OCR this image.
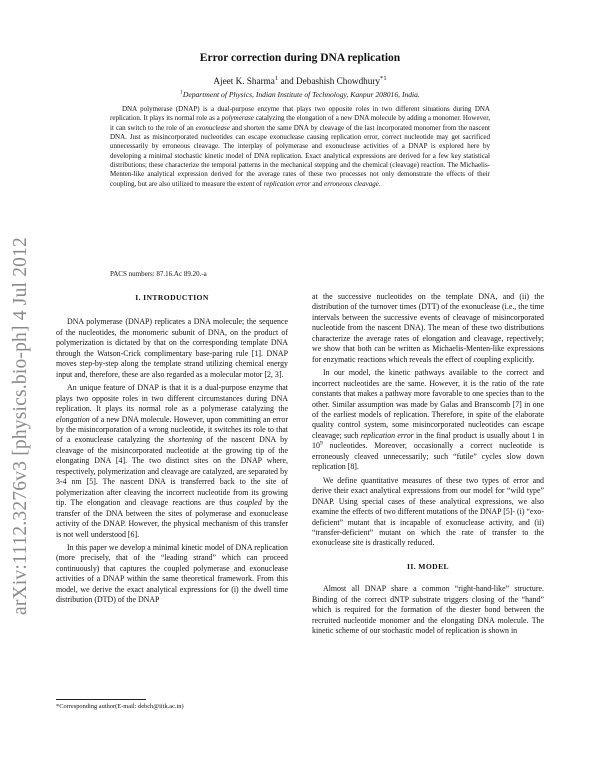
arXiv:1112.3276v3 [physics.bio-ph] 4 Jul 2012
Error correction during DNA replication
Ajeet K. Sharma$^1$ and Debashish Chowdhury$^{*1}$
$^1$Department of Physics, Indian Institute of Technology, Kanpur 208016, India.

DNA polymerase (DNAP) is a dual-purpose enzyme that plays two opposite roles in two different situations during DNA replication. It plays its normal role as a polymerase catalyzing the elongation of a new DNA molecule by adding a monomer. However, it can switch to the role of an exonuclease and shorten the same DNA by cleavage of the last incorporated monomer from the nascent DNA. Just as misincorporated nucleotides can escape exonuclease causing replication error, correct nucleotide may get sacrificed unnecessarily by erroneous cleavage. The interplay of polymerase and exonuclease activities of a DNAP is explored here by developing a minimal stochastic kinetic model of DNA replication. Exact analytical expressions are derived for a few key statistical distributions; these characterize the temporal patterns in the mechanical stepping and the chemical (cleavage) reaction. The Michaelis-Menten-like analytical expression derived for the average rates of these two processes not only demonstrate the effects of their coupling, but are also utilized to measure the extent of replication error and erroneous cleavage.

PACS numbers: 87.16.Ac 89.20.-a
I. INTRODUCTION

DNA polymerase (DNAP) replicates a DNA molecule; the sequence of the nucleotides, the monomeric subunit of DNA, on the product of polymerization is dictated by that on the corresponding template DNA through the Watson-Crick complimentary base-paring rule [1]. DNAP moves step-by-step along the template strand utilizing chemical energy input and, therefore, these are also regarded as a molecular motor [2, 3].

An unique feature of DNAP is that it is a dual-purpose enzyme that plays two opposite roles in two different circumstances during DNA replication. It plays its normal role as a polymerase catalyzing the elongation of a new DNA molecule. However, upon committing an error by the misincorporation of a wrong nucleotide, it switches its role to that of a exonuclease catalyzing the shortening of the nascent DNA by cleavage of the misincorporated nucleotide at the growing tip of the elongating DNA [4]. The two distinct sites on the DNAP where, respectively, polymerization and cleavage are catalyzed, are separated by 3-4 nm [5]. The nascent DNA is transferred back to the site of polymerization after cleaving the incorrect nucleotide from its growing tip. The elongation and cleavage reactions are thus coupled by the transfer of the DNA between the sites of polymerase and exonuclease activity of the DNAP. However, the physical mechanism of this transfer is not well understood [6].

In this paper we develop a minimal kinetic model of DNA replication (more precisely, that of the “leading strand” which can proceed continuously) that captures the coupled polymerase and exonuclease activities of a DNAP within the same theoretical framework. From this model, we derive the exact analytical expressions for (i) the dwell time distribution (DTD) of the DNAP

at the successive nucleotides on the template DNA, and (ii) the distribution of the turnover times (DTT) of the exonuclease (i.e., the time intervals between the successive events of cleavage of misincorporated nucleotide from the nascent DNA). The mean of these two distributions characterize the average rates of elongation and cleavage, repectively; we show that both can be written as Michaelis-Menten-like expressions for enzymatic reactions which reveals the effect of coupling explicitly.

In our model, the kinetic pathways available to the correct and incorrect nucleotides are the same. However, it is the ratio of the rate constants that makes a pathway more favorable to one species than to the other. Similar assumption was made by Galas and Branscomb [7] in one of the earliest models of replication. Therefore, in spite of the elaborate quality control system, some misincorporated nucleotides can escape cleavage; such replication error in the final product is usually about 1 in $10^9$ nucleotides. Moreover, occasionally a correct nucleotide is erroneously cleaved unnecessarily; such “futile” cycles slow down replication [8].

We define quantitative measures of these two types of error and derive their exact analytical expressions from our model for “wild type” DNAP. Using special cases of these analytical expressions, we also examine the effects of two different mutations of the DNAP [5]- (i) “exo-deficient” mutant that is incapable of exonuclease activity, and (ii) “transfer-deficient” mutant on which the rate of transfer to the exonuclease site is drastically reduced.

II. MODEL

Almost all DNAP share a common “right-hand-like” structure. Binding of the correct dNTP substrate triggers closing of the “hand” which is required for the formation of the diester bond between the recruited nucleotide monomer and the elongating DNA molecule. The kinetic scheme of our stochastic model of replication is shown in

*Corresponding author(E-mail: debch@iitk.ac.in)
